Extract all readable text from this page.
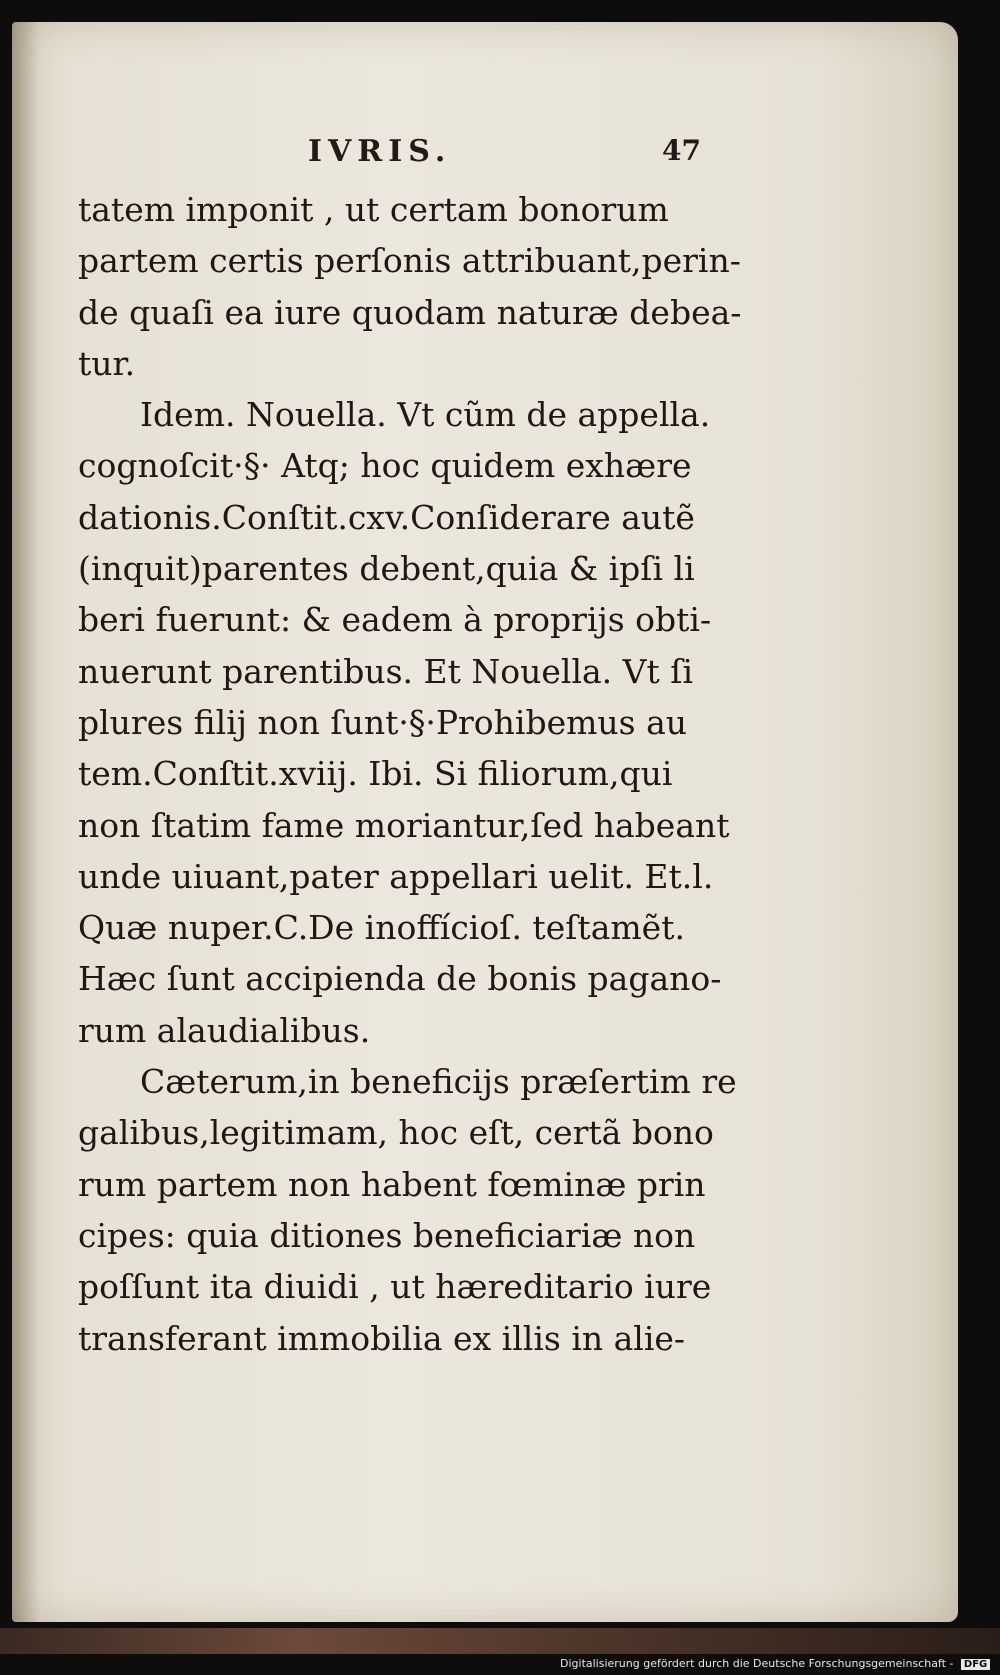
IVRIS.	47
tatem imponit , ut certam bonorum
partem certis perſonis attribuant,perin-
de quaſi ea iure quodam naturæ debea-
tur.
Idem. Nouella. Vt cũm de appella.
cognoſcit·§· Atq; hoc quidem exhære
dationis.Conſtit.cxv.Conſiderare autẽ
(inquit)parentes debent,quia & ipſi li
beri fuerunt: & eadem à proprijs obti-
nuerunt parentibus. Et Nouella. Vt ſi
plures filij non ſunt·§·Prohibemus au
tem.Conſtit.xviij. Ibi. Si filiorum,qui
non ſtatim fame moriantur,ſed habeant
unde uiuant,pater appellari uelit. Et.l.
Quæ nuper.C.De inoffícioſ. teſtamẽt.
Hæc ſunt accipienda de bonis pagano-
rum alaudialibus.
Cæterum,in beneficijs præſertim re
galibus,legitimam, hoc eſt, certã bono
rum partem non habent fœminæ prin
cipes: quia ditiones beneficiariæ non
poſſunt ita diuidi , ut hæreditario iure
transferant immobilia ex illis in alie-
Digitalisierung gefördert durch die Deutsche Forschungsgemeinschaft - DFG
